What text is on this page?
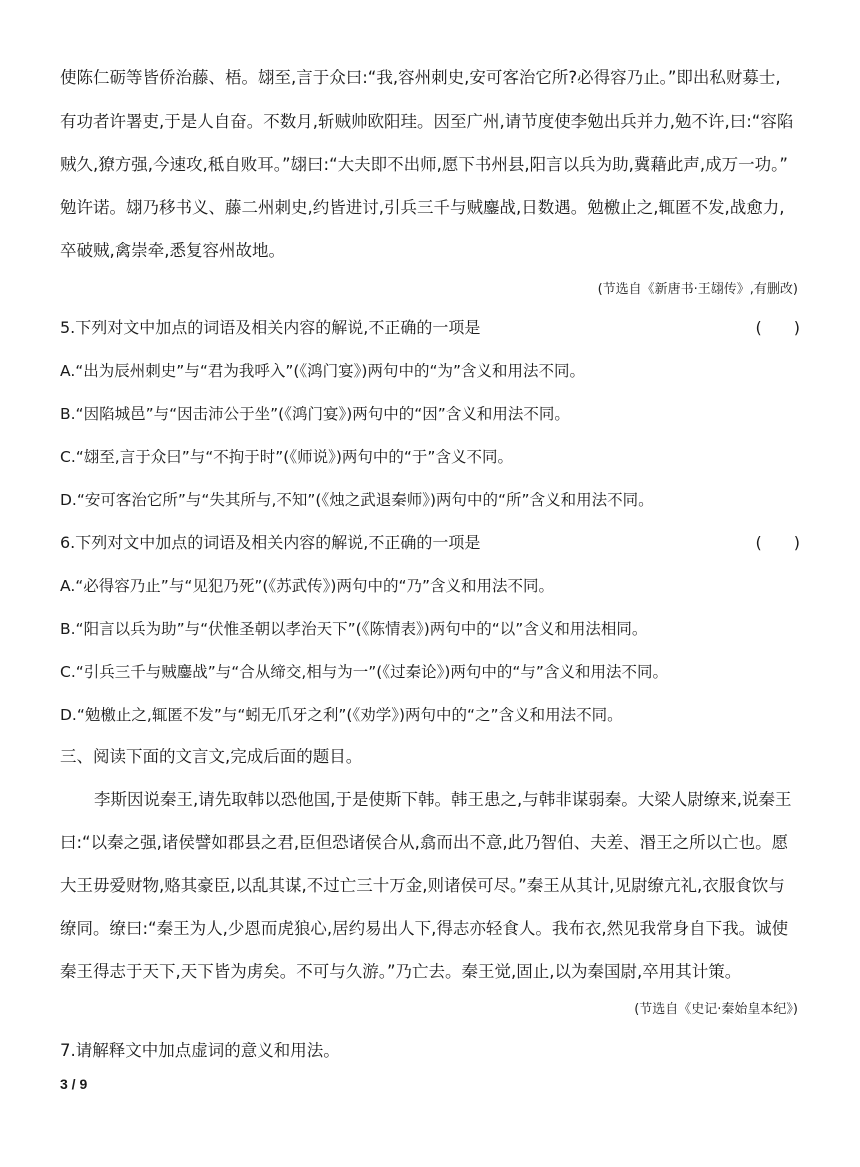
使陈仁砺等皆侨治藤、梧。翃至,言于众曰:“我,容州刺史,安可客治它所?必得容乃止。”即出私财募士,
有功者许署吏,于是人自奋。不数月,斩贼帅欧阳珪。因至广州,请节度使李勉出兵并力,勉不许,曰:“容陷
贼久,獠方强,今速攻,秪自败耳。”翃曰:“大夫即不出师,愿下书州县,阳言以兵为助,冀藉此声,成万一功。”
勉许诺。翃乃移书义、藤二州刺史,约皆进讨,引兵三千与贼鏖战,日数遇。勉檄止之,辄匿不发,战愈力,
卒破贼,禽崇牵,悉复容州故地。
(节选自《新唐书·王翃传》,有删改)
5.下列对文中加点的词语及相关内容的解说,不正确的一项是	(　　)
A.“出为辰州刺史”与“君为我呼入”(《鸿门宴》)两句中的“为”含义和用法不同。
B.“因陷城邑”与“因击沛公于坐”(《鸿门宴》)两句中的“因”含义和用法不同。
C.“翃至,言于众曰”与“不拘于时”(《师说》)两句中的“于”含义不同。
D.“安可客治它所”与“失其所与,不知”(《烛之武退秦师》)两句中的“所”含义和用法不同。
6.下列对文中加点的词语及相关内容的解说,不正确的一项是	(　　)
A.“必得容乃止”与“见犯乃死”(《苏武传》)两句中的“乃”含义和用法不同。
B.“阳言以兵为助”与“伏惟圣朝以孝治天下”(《陈情表》)两句中的“以”含义和用法相同。
C.“引兵三千与贼鏖战”与“合从缔交,相与为一”(《过秦论》)两句中的“与”含义和用法不同。
D.“勉檄止之,辄匿不发”与“蚓无爪牙之利”(《劝学》)两句中的“之”含义和用法不同。
三、阅读下面的文言文,完成后面的题目。
李斯因说秦王,请先取韩以恐他国,于是使斯下韩。韩王患之,与韩非谋弱秦。大梁人尉缭来,说秦王
曰:“以秦之强,诸侯譬如郡县之君,臣但恐诸侯合从,翕而出不意,此乃智伯、夫差、湣王之所以亡也。愿
大王毋爱财物,赂其豪臣,以乱其谋,不过亡三十万金,则诸侯可尽。”秦王从其计,见尉缭亢礼,衣服食饮与
缭同。缭曰:“秦王为人,少恩而虎狼心,居约易出人下,得志亦轻食人。我布衣,然见我常身自下我。诚使
秦王得志于天下,天下皆为虏矣。不可与久游。”乃亡去。秦王觉,固止,以为秦国尉,卒用其计策。
(节选自《史记·秦始皇本纪》)
7.请解释文中加点虚词的意义和用法。
3 / 9
